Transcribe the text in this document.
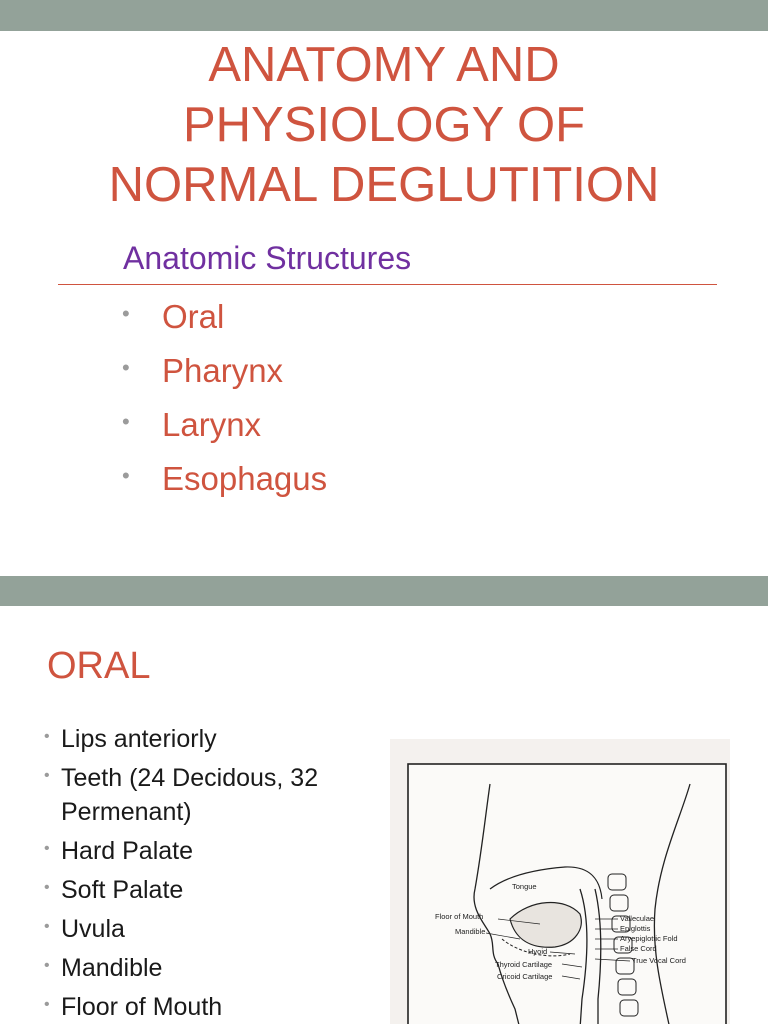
ANATOMY AND
PHYSIOLOGY OF
NORMAL DEGLUTITION
Anatomic Structures
• Oral
• Pharynx
• Larynx
• Esophagus
ORAL
• Lips anteriorly
• Teeth (24 Decidous, 32 Permenant)
• Hard Palate
• Soft Palate
• Uvula
• Mandible
• Floor of Mouth
Tongue
Floor of Mouth
Mandible
Hyoid
Thyroid Cartilage
Cricoid Cartilage
Valleculae
Epiglottis
Aryepiglottic Fold
False Cord
True Vocal Cord
